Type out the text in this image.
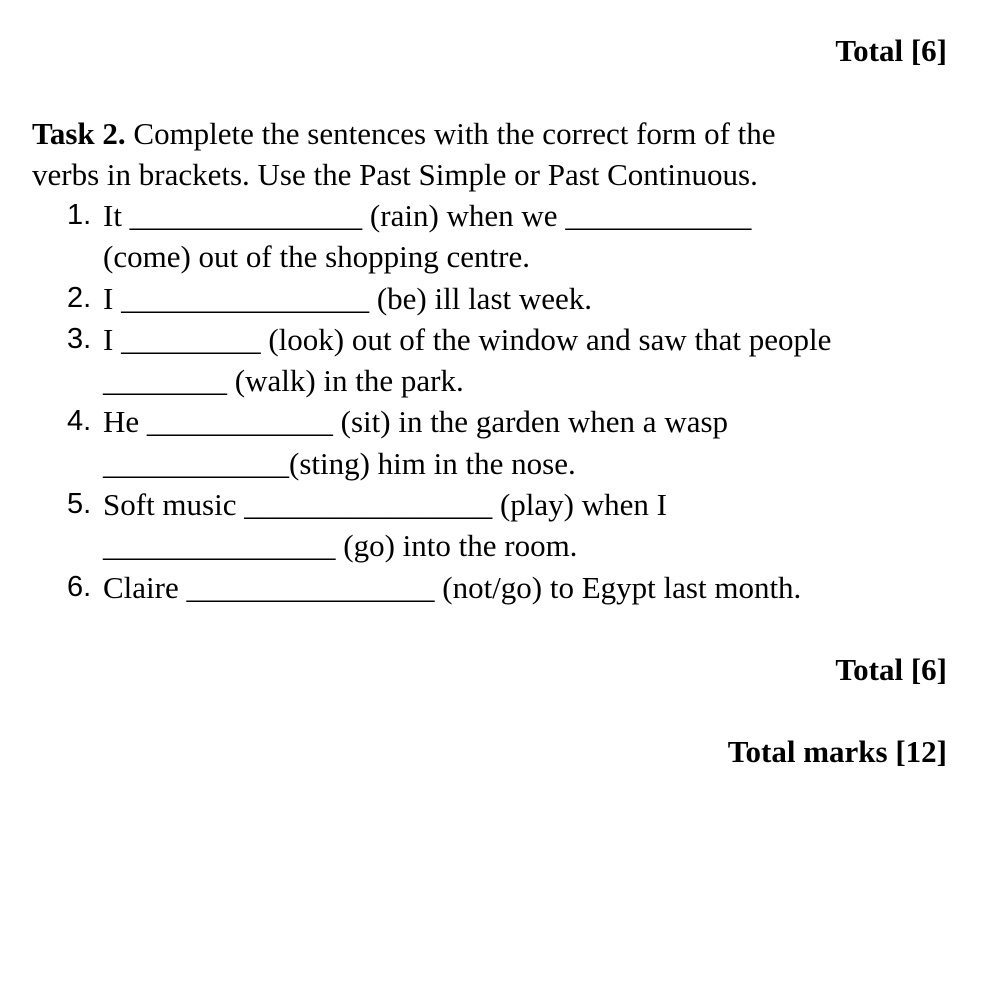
Total [6]
Task 2. Complete the sentences with the correct form of the
verbs in brackets. Use the Past Simple or Past Continuous.
1. It _______________ (rain) when we ____________
(come) out of the shopping centre.
2. I ________________ (be) ill last week.
3. I _________ (look) out of the window and saw that people
________ (walk) in the park.
4. He ____________ (sit) in the garden when a wasp
____________(sting) him in the nose.
5. Soft music ________________ (play) when I
_______________ (go) into the room.
6. Claire ________________ (not/go) to Egypt last month.
Total [6]
Total marks [12]
